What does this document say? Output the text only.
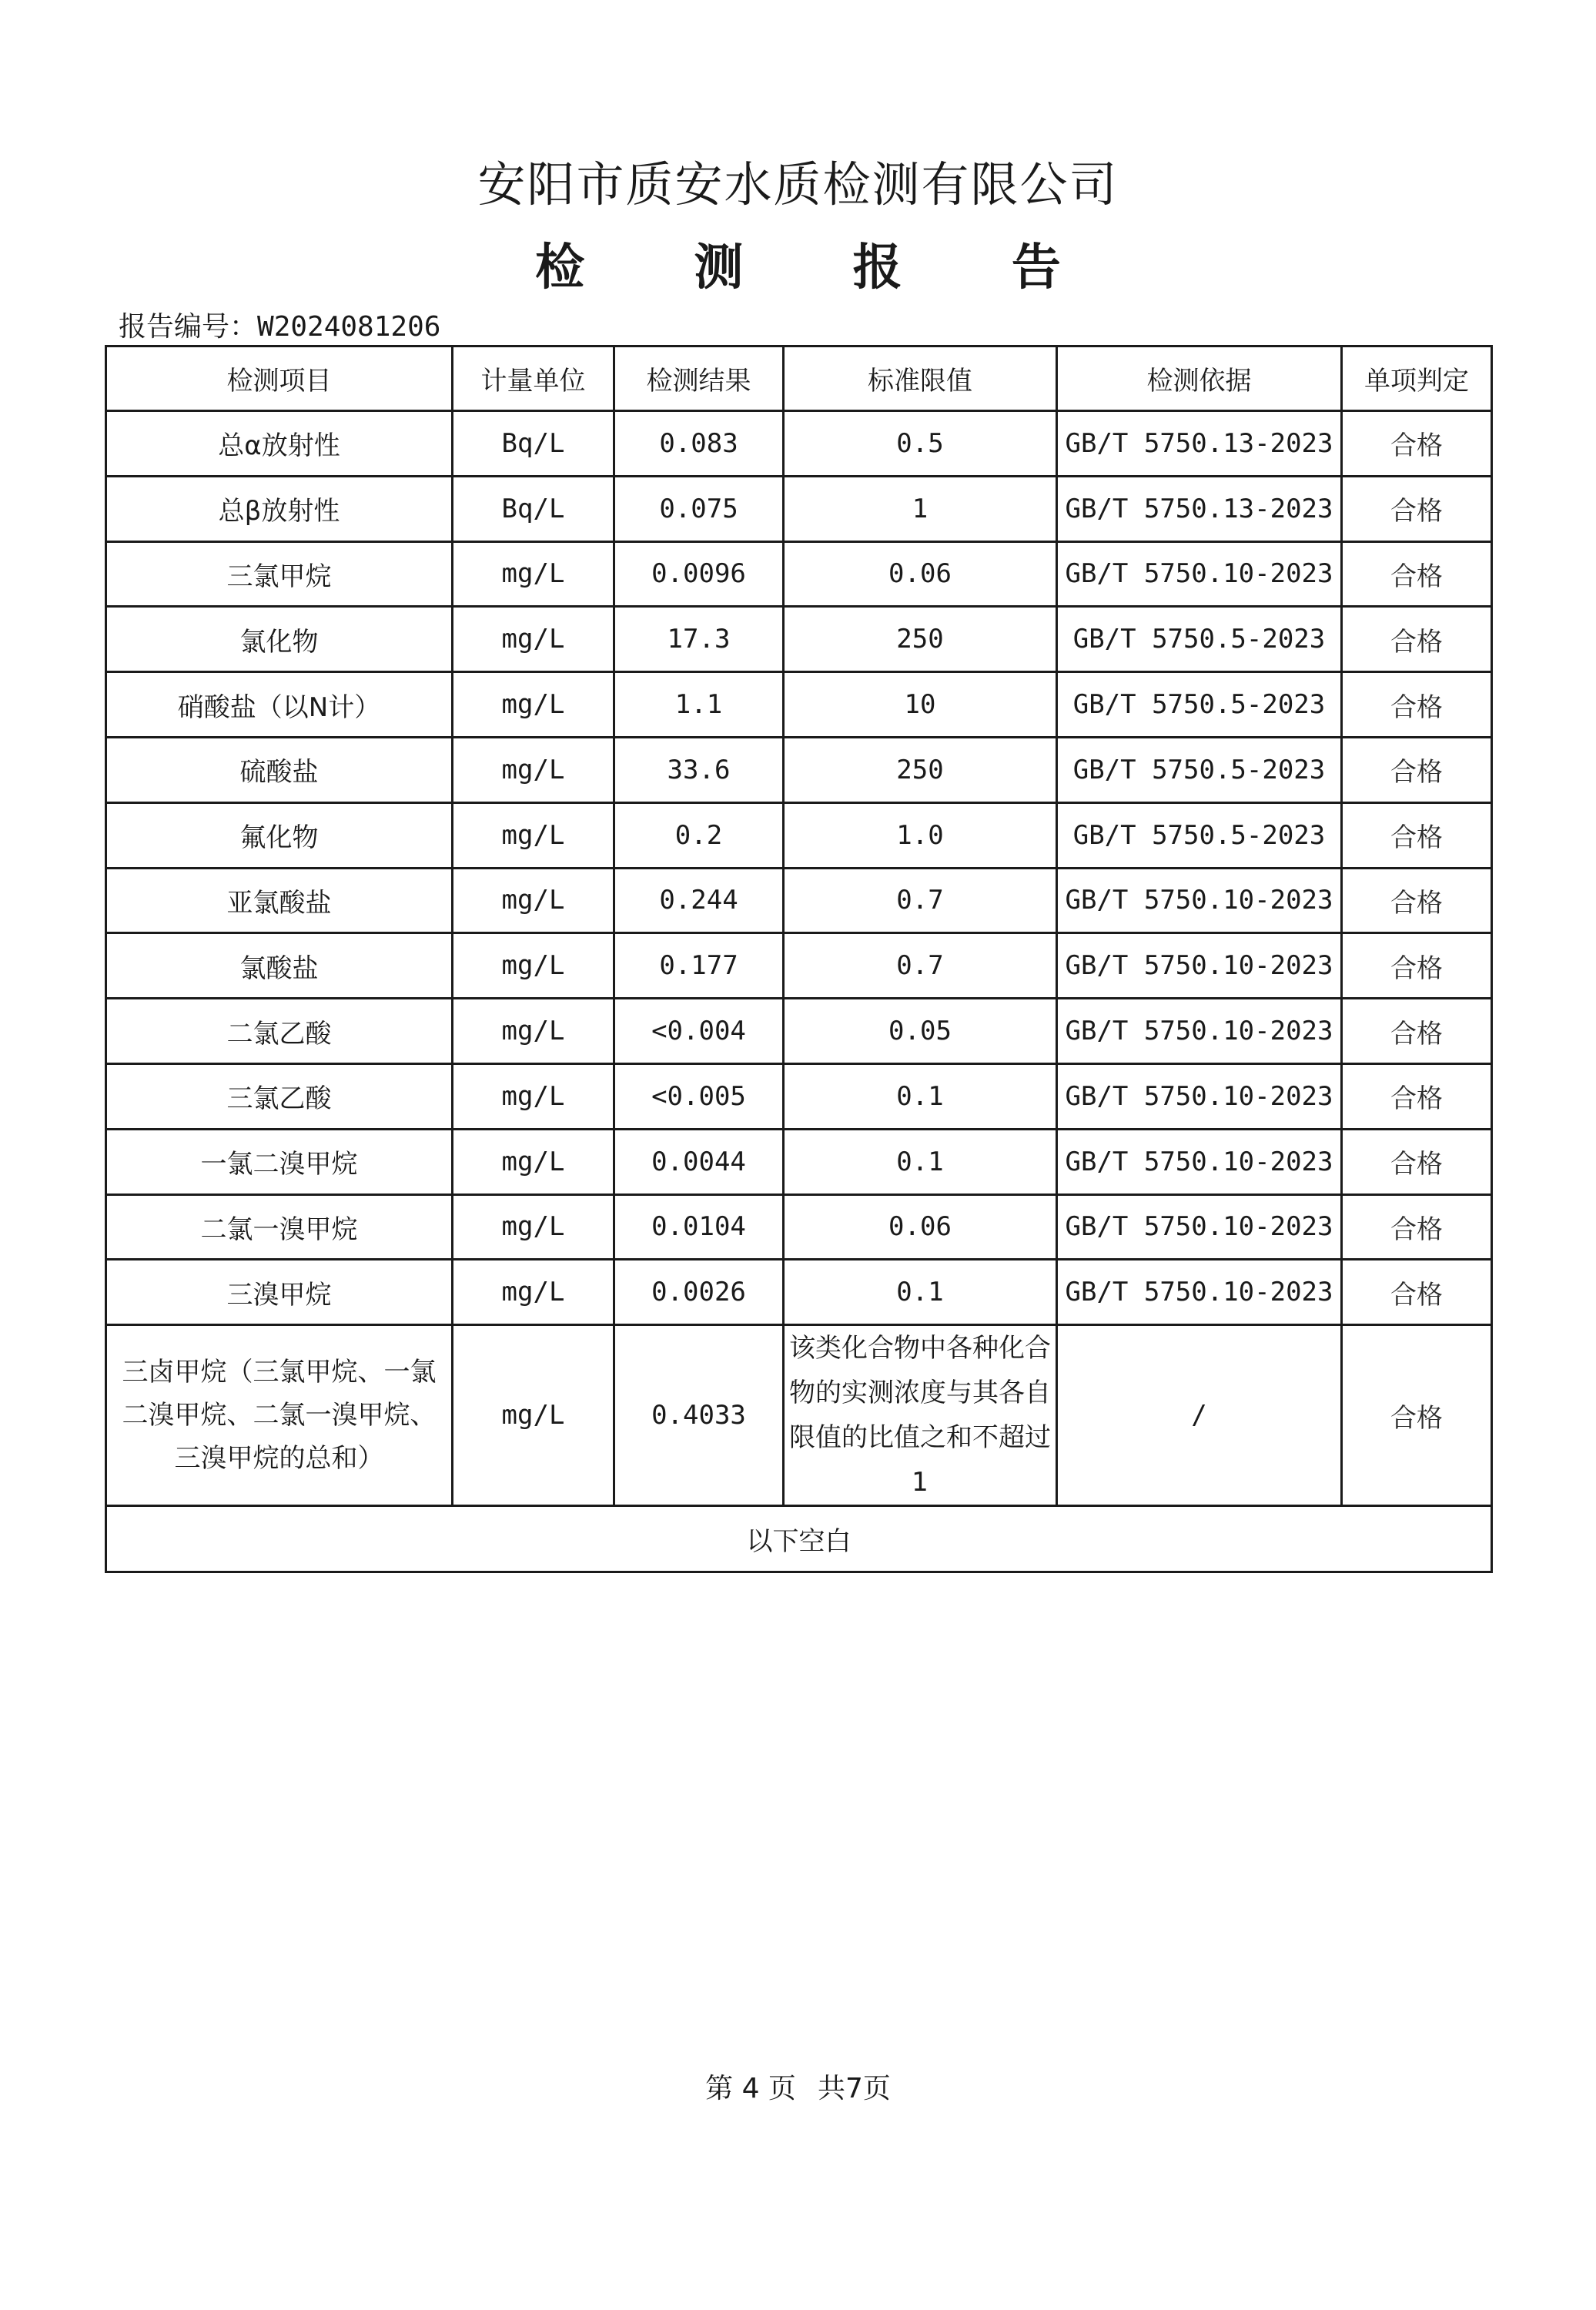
安阳市质安水质检测有限公司
检 测 报 告
报告编号：W2024081206
检测项目	计量单位	检测结果	标准限值	检测依据	单项判定
总α放射性	Bq/L	0.083	0.5	GB/T 5750.13-2023	合格
总β放射性	Bq/L	0.075	1	GB/T 5750.13-2023	合格
三氯甲烷	mg/L	0.0096	0.06	GB/T 5750.10-2023	合格
氯化物	mg/L	17.3	250	GB/T 5750.5-2023	合格
硝酸盐（以N计）	mg/L	1.1	10	GB/T 5750.5-2023	合格
硫酸盐	mg/L	33.6	250	GB/T 5750.5-2023	合格
氟化物	mg/L	0.2	1.0	GB/T 5750.5-2023	合格
亚氯酸盐	mg/L	0.244	0.7	GB/T 5750.10-2023	合格
氯酸盐	mg/L	0.177	0.7	GB/T 5750.10-2023	合格
二氯乙酸	mg/L	<0.004	0.05	GB/T 5750.10-2023	合格
三氯乙酸	mg/L	<0.005	0.1	GB/T 5750.10-2023	合格
一氯二溴甲烷	mg/L	0.0044	0.1	GB/T 5750.10-2023	合格
二氯一溴甲烷	mg/L	0.0104	0.06	GB/T 5750.10-2023	合格
三溴甲烷	mg/L	0.0026	0.1	GB/T 5750.10-2023	合格
三卤甲烷（三氯甲烷、一氯二溴甲烷、二氯一溴甲烷、三溴甲烷的总和）	mg/L	0.4033	该类化合物中各种化合物的实测浓度与其各自限值的比值之和不超过1	/	合格
以下空白					
第 4 页 共7页
